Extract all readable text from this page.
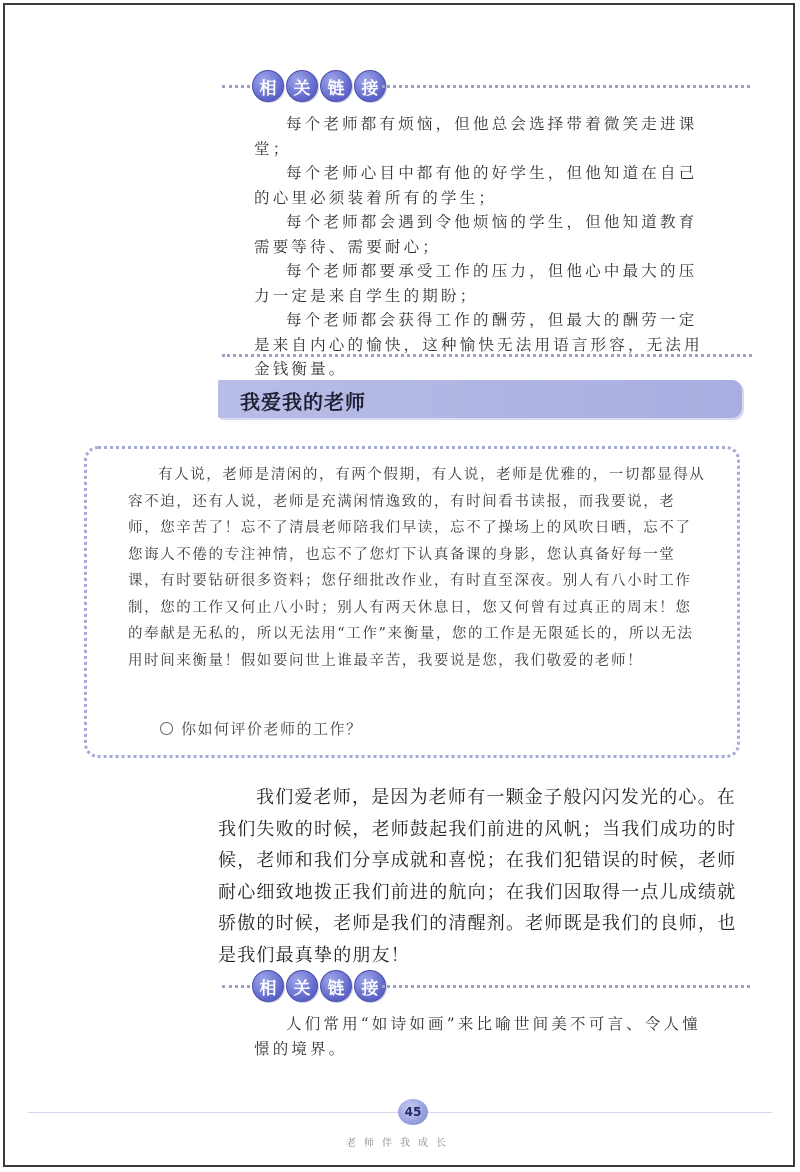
相	关	链	接

每个老师都有烦恼，但他总会选择带着微笑走进课堂；

每个老师心目中都有他的好学生，但他知道在自己的心里必须装着所有的学生；

每个老师都会遇到令他烦恼的学生，但他知道教育需要等待、需要耐心；

每个老师都要承受工作的压力，但他心中最大的压力一定是来自学生的期盼；

每个老师都会获得工作的酬劳，但最大的酬劳一定是来自内心的愉快，这种愉快无法用语言形容，无法用金钱衡量。

我爱我的老师

有人说，老师是清闲的，有两个假期，有人说，老师是优雅的，一切都显得从容不迫，还有人说，老师是充满闲情逸致的，有时间看书读报，而我要说，老师，您辛苦了！忘不了清晨老师陪我们早读，忘不了操场上的风吹日晒，忘不了您诲人不倦的专注神情，也忘不了您灯下认真备课的身影，您认真备好每一堂课，有时要钻研很多资料；您仔细批改作业，有时直至深夜。别人有八小时工作制，您的工作又何止八小时；别人有两天休息日，您又何曾有过真正的周末！您的奉献是无私的，所以无法用“工作”来衡量，您的工作是无限延长的，所以无法用时间来衡量！假如要问世上谁最辛苦，我要说是您，我们敬爱的老师！

你如何评价老师的工作？

我们爱老师，是因为老师有一颗金子般闪闪发光的心。在我们失败的时候，老师鼓起我们前进的风帆；当我们成功的时候，老师和我们分享成就和喜悦；在我们犯错误的时候，老师耐心细致地拨正我们前进的航向；在我们因取得一点儿成绩就骄傲的时候，老师是我们的清醒剂。老师既是我们的良师，也是我们最真挚的朋友！

相	关	链	接

人们常用“如诗如画”来比喻世间美不可言、令人憧憬的境界。

45
老师伴我成长
